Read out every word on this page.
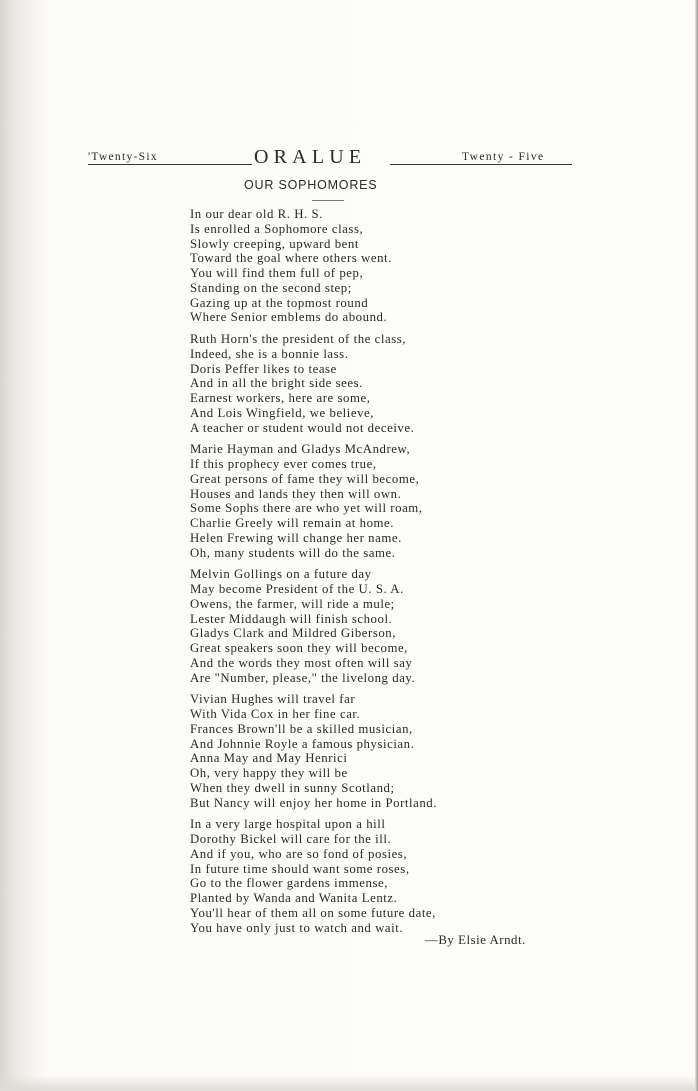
'Twenty-Six	ORALUE	Twenty - Five
OUR SOPHOMORES
In our dear old R. H. S.
Is enrolled a Sophomore class,
Slowly creeping, upward bent
Toward the goal where others went.
You will find them full of pep,
Standing on the second step;
Gazing up at the topmost round
Where Senior emblems do abound.
Ruth Horn's the president of the class,
Indeed, she is a bonnie lass.
Doris Peffer likes to tease
And in all the bright side sees.
Earnest workers, here are some,
And Lois Wingfield, we believe,
A teacher or student would not deceive.
Marie Hayman and Gladys McAndrew,
If this prophecy ever comes true,
Great persons of fame they will become,
Houses and lands they then will own.
Some Sophs there are who yet will roam,
Charlie Greely will remain at home.
Helen Frewing will change her name.
Oh, many students will do the same.
Melvin Gollings on a future day
May become President of the U. S. A.
Owens, the farmer, will ride a mule;
Lester Middaugh will finish school.
Gladys Clark and Mildred Giberson,
Great speakers soon they will become,
And the words they most often will say
Are "Number, please," the livelong day.
Vivian Hughes will travel far
With Vida Cox in her fine car.
Frances Brown'll be a skilled musician,
And Johnnie Royle a famous physician.
Anna May and May Henrici
Oh, very happy they will be
When they dwell in sunny Scotland;
But Nancy will enjoy her home in Portland.
In a very large hospital upon a hill
Dorothy Bickel will care for the ill.
And if you, who are so fond of posies,
In future time should want some roses,
Go to the flower gardens immense,
Planted by Wanda and Wanita Lentz.
You'll hear of them all on some future date,
You have only just to watch and wait.
—By Elsie Arndt.
